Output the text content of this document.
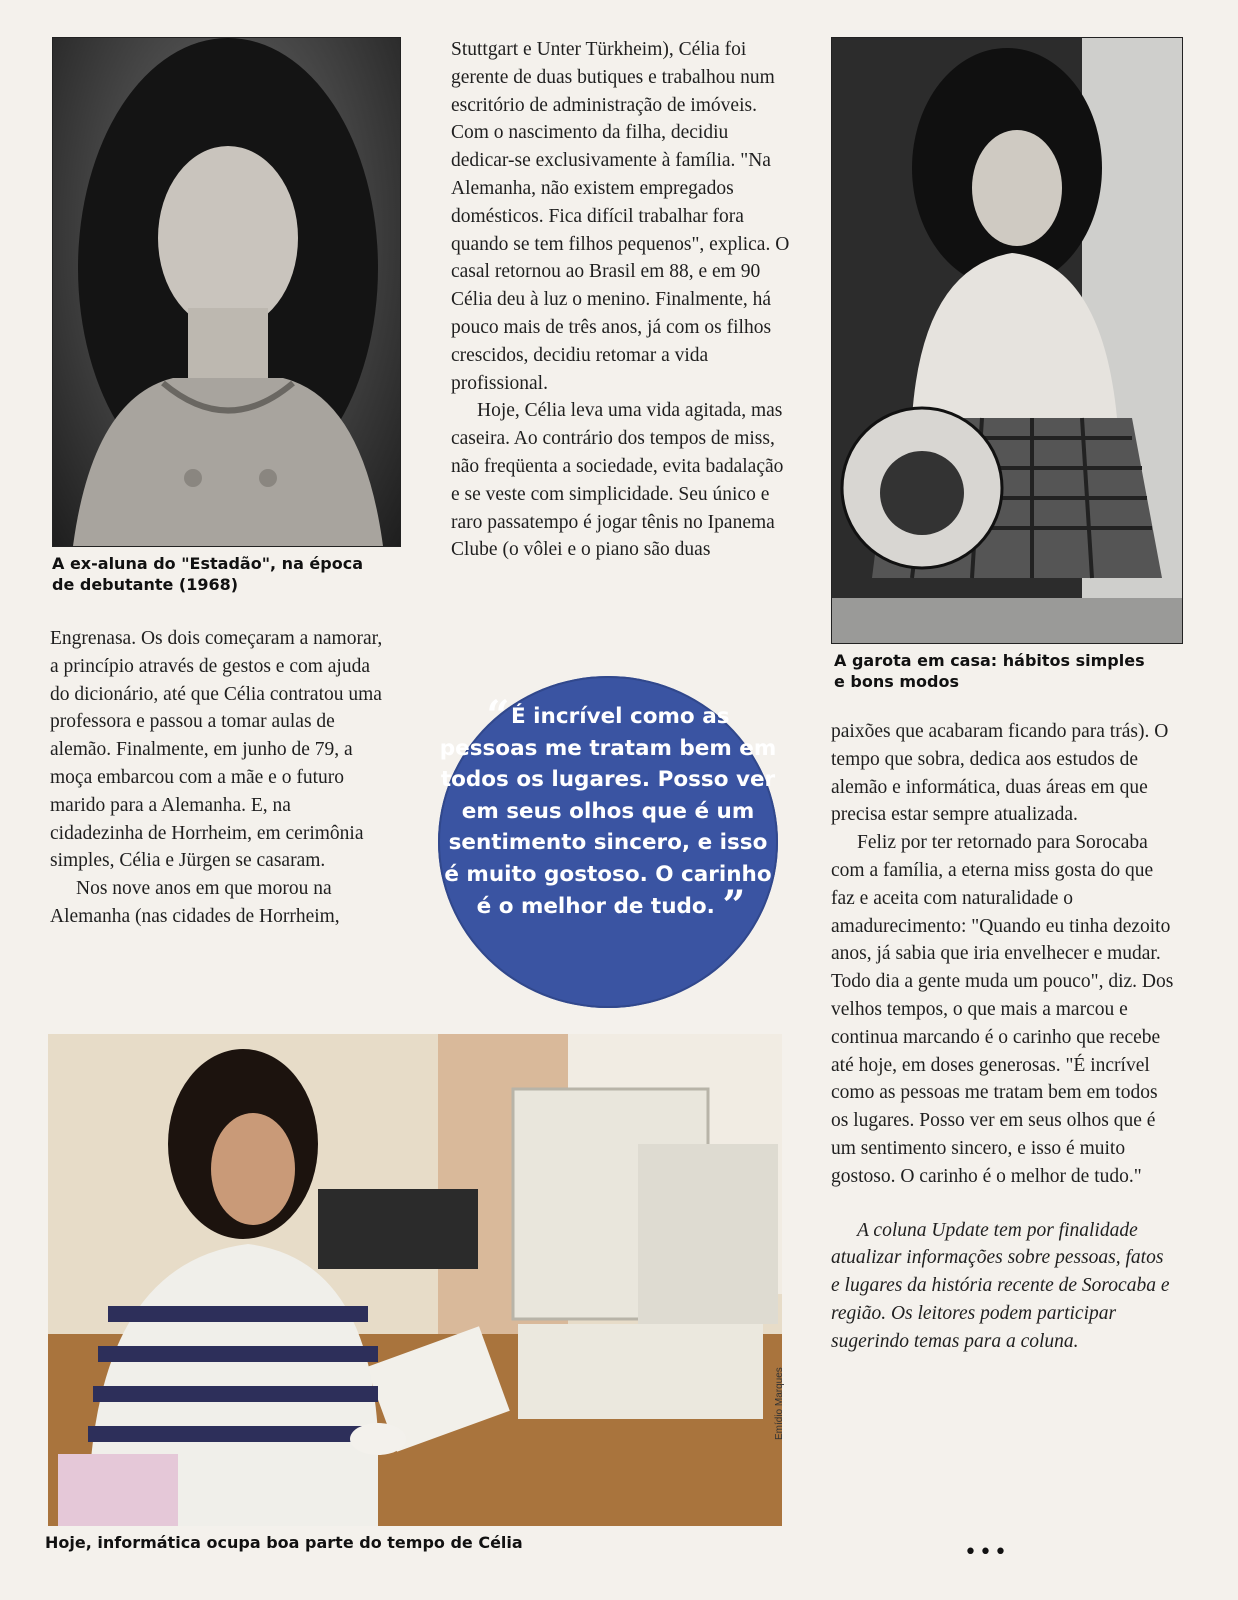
A ex-aluna do "Estadão", na época de debutante (1968)

A garota em casa: hábitos simples e bons modos

Engrenasa. Os dois começaram a namorar, a princípio através de gestos e com ajuda do dicionário, até que Célia contratou uma professora e passou a tomar aulas de alemão. Finalmente, em junho de 79, a moça embarcou com a mãe e o futuro marido para a Alemanha. E, na cidadezinha de Horrheim, em cerimônia simples, Célia e Jürgen se casaram.

Nos nove anos em que morou na Alemanha (nas cidades de Horrheim,

Stuttgart e Unter Türkheim), Célia foi gerente de duas butiques e trabalhou num escritório de administração de imóveis. Com o nascimento da filha, decidiu dedicar-se exclusivamente à família. "Na Alemanha, não existem empregados domésticos. Fica difícil trabalhar fora quando se tem filhos pequenos", explica. O casal retornou ao Brasil em 88, e em 90 Célia deu à luz o menino. Finalmente, há pouco mais de três anos, já com os filhos crescidos, decidiu retomar a vida profissional.

Hoje, Célia leva uma vida agitada, mas caseira. Ao contrário dos tempos de miss, não freqüenta a sociedade, evita badalação e se veste com simplicidade. Seu único e raro passatempo é jogar tênis no Ipanema Clube (o vôlei e o piano são duas

“ É incrível como as pessoas me tratam bem em todos os lugares. Posso ver em seus olhos que é um sentimento sincero, e isso é muito gostoso. O carinho é o melhor de tudo. ”

paixões que acabaram ficando para trás). O tempo que sobra, dedica aos estudos de alemão e informática, duas áreas em que precisa estar sempre atualizada.

Feliz por ter retornado para Sorocaba com a família, a eterna miss gosta do que faz e aceita com naturalidade o amadurecimento: "Quando eu tinha dezoito anos, já sabia que iria envelhecer e mudar. Todo dia a gente muda um pouco", diz. Dos velhos tempos, o que mais a marcou e continua marcando é o carinho que recebe até hoje, em doses generosas. "É incrível como as pessoas me tratam bem em todos os lugares. Posso ver em seus olhos que é um sentimento sincero, e isso é muito gostoso. O carinho é o melhor de tudo."

A coluna Update tem por finalidade atualizar informações sobre pessoas, fatos e lugares da história recente de Sorocaba e região. Os leitores podem participar sugerindo temas para a coluna.

Emídio Marques

Hoje, informática ocupa boa parte do tempo de Célia	•••
